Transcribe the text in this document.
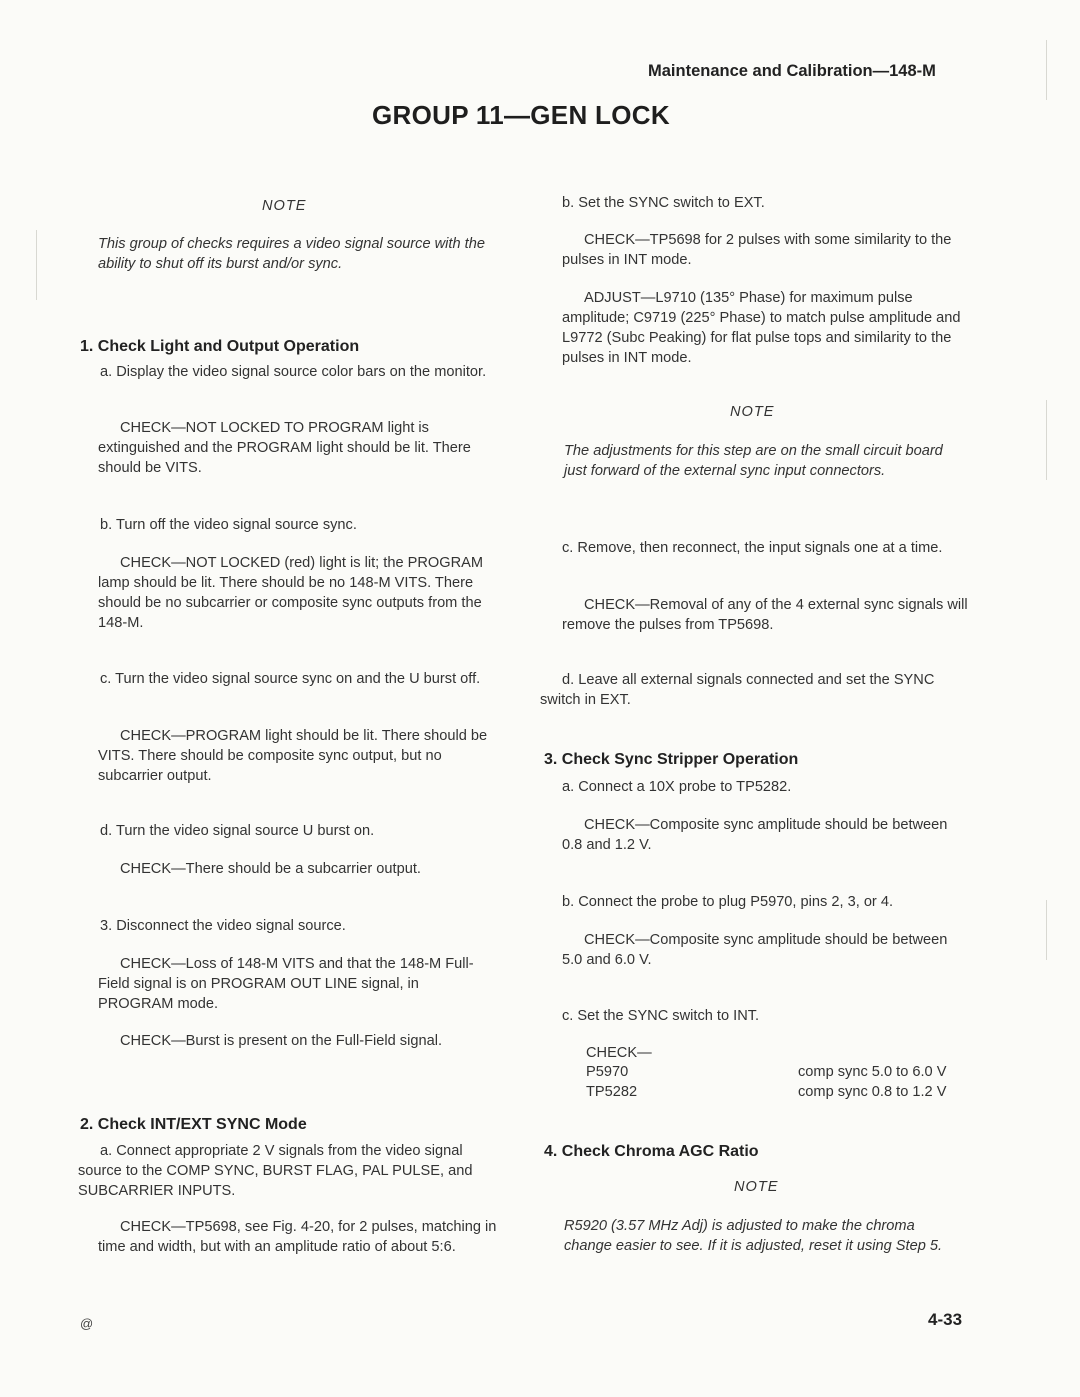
Maintenance and Calibration—148-M
GROUP 11—GEN LOCK
NOTE

This group of checks requires a video signal source with the ability to shut off its burst and/or sync.

1. Check Light and Output Operation

a. Display the video signal source color bars on the monitor.

CHECK—NOT LOCKED TO PROGRAM light is extinguished and the PROGRAM light should be lit. There should be VITS.

b. Turn off the video signal source sync.

CHECK—NOT LOCKED (red) light is lit; the PROGRAM lamp should be lit. There should be no 148-M VITS. There should be no subcarrier or composite sync outputs from the 148-M.

c. Turn the video signal source sync on and the U burst off.

CHECK—PROGRAM light should be lit. There should be VITS. There should be composite sync output, but no subcarrier output.

d. Turn the video signal source U burst on.

CHECK—There should be a subcarrier output.

3. Disconnect the video signal source.

CHECK—Loss of 148-M VITS and that the 148-M Full-Field signal is on PROGRAM OUT LINE signal, in PROGRAM mode.

CHECK—Burst is present on the Full-Field signal.

2. Check INT/EXT SYNC Mode

a. Connect appropriate 2 V signals from the video signal source to the COMP SYNC, BURST FLAG, PAL PULSE, and SUBCARRIER INPUTS.

CHECK—TP5698, see Fig. 4-20, for 2 pulses, matching in time and width, but with an amplitude ratio of about 5:6.

b. Set the SYNC switch to EXT.

CHECK—TP5698 for 2 pulses with some similarity to the pulses in INT mode.

ADJUST—L9710 (135° Phase) for maximum pulse amplitude; C9719 (225° Phase) to match pulse amplitude and L9772 (Subc Peaking) for flat pulse tops and similarity to the pulses in INT mode.

NOTE

The adjustments for this step are on the small circuit board just forward of the external sync input connectors.

c. Remove, then reconnect, the input signals one at a time.

CHECK—Removal of any of the 4 external sync signals will remove the pulses from TP5698.

d. Leave all external signals connected and set the SYNC switch in EXT.

3. Check Sync Stripper Operation

a. Connect a 10X probe to TP5282.

CHECK—Composite sync amplitude should be between 0.8 and 1.2 V.

b. Connect the probe to plug P5970, pins 2, 3, or 4.

CHECK—Composite sync amplitude should be between 5.0 and 6.0 V.

c. Set the SYNC switch to INT.

CHECK—
P5970	comp sync 5.0 to 6.0 V
TP5282	comp sync 0.8 to 1.2 V
4. Check Chroma AGC Ratio
NOTE

R5920 (3.57 MHz Adj) is adjusted to make the chroma change easier to see. If it is adjusted, reset it using Step 5.

@	4-33
